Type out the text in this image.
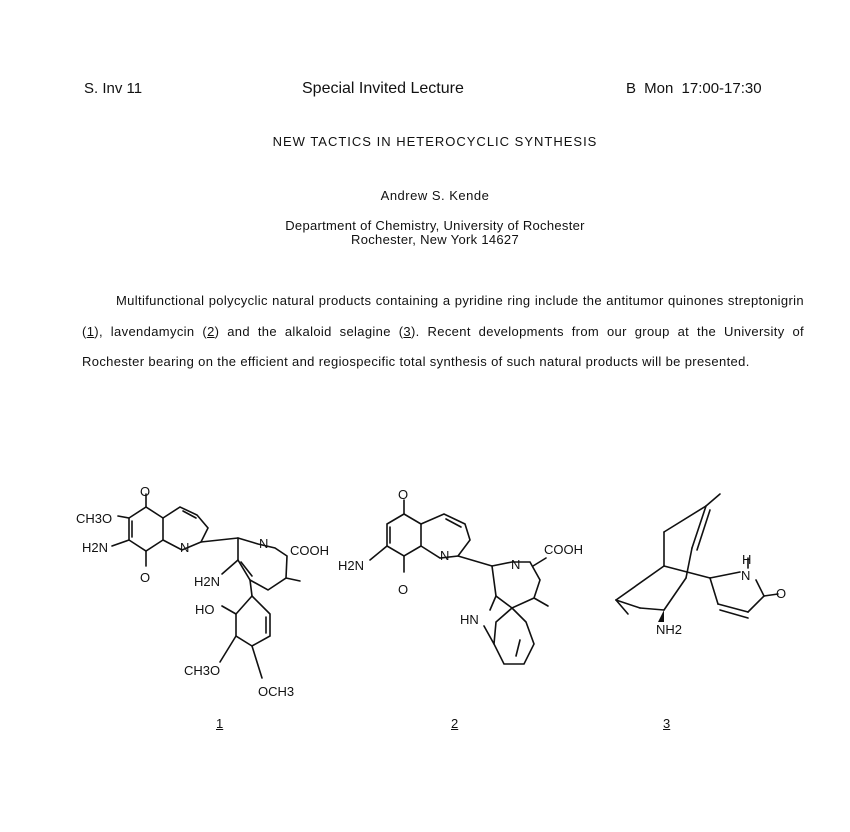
S. Inv 11	Special Invited Lecture	B Mon 17:00-17:30
NEW TACTICS IN HETEROCYCLIC SYNTHESIS
Andrew S. Kende
Department of Chemistry, University of Rochester
Rochester, New York 14627
Multifunctional polycyclic natural products containing a pyridine ring include the antitumor quinones streptonigrin (1), lavendamycin (2) and the alkaloid selagine (3). Recent developments from our group at the University of Rochester bearing on the efficient and regiospecific total synthesis of such natural products will be presented.
O
O
CH3O
H2N	N	N COOH
H2N
HO
CH3O
OCH3
O
O
H2N
N
N
COOH
HN
H
N
O
NH2
1	2	3
